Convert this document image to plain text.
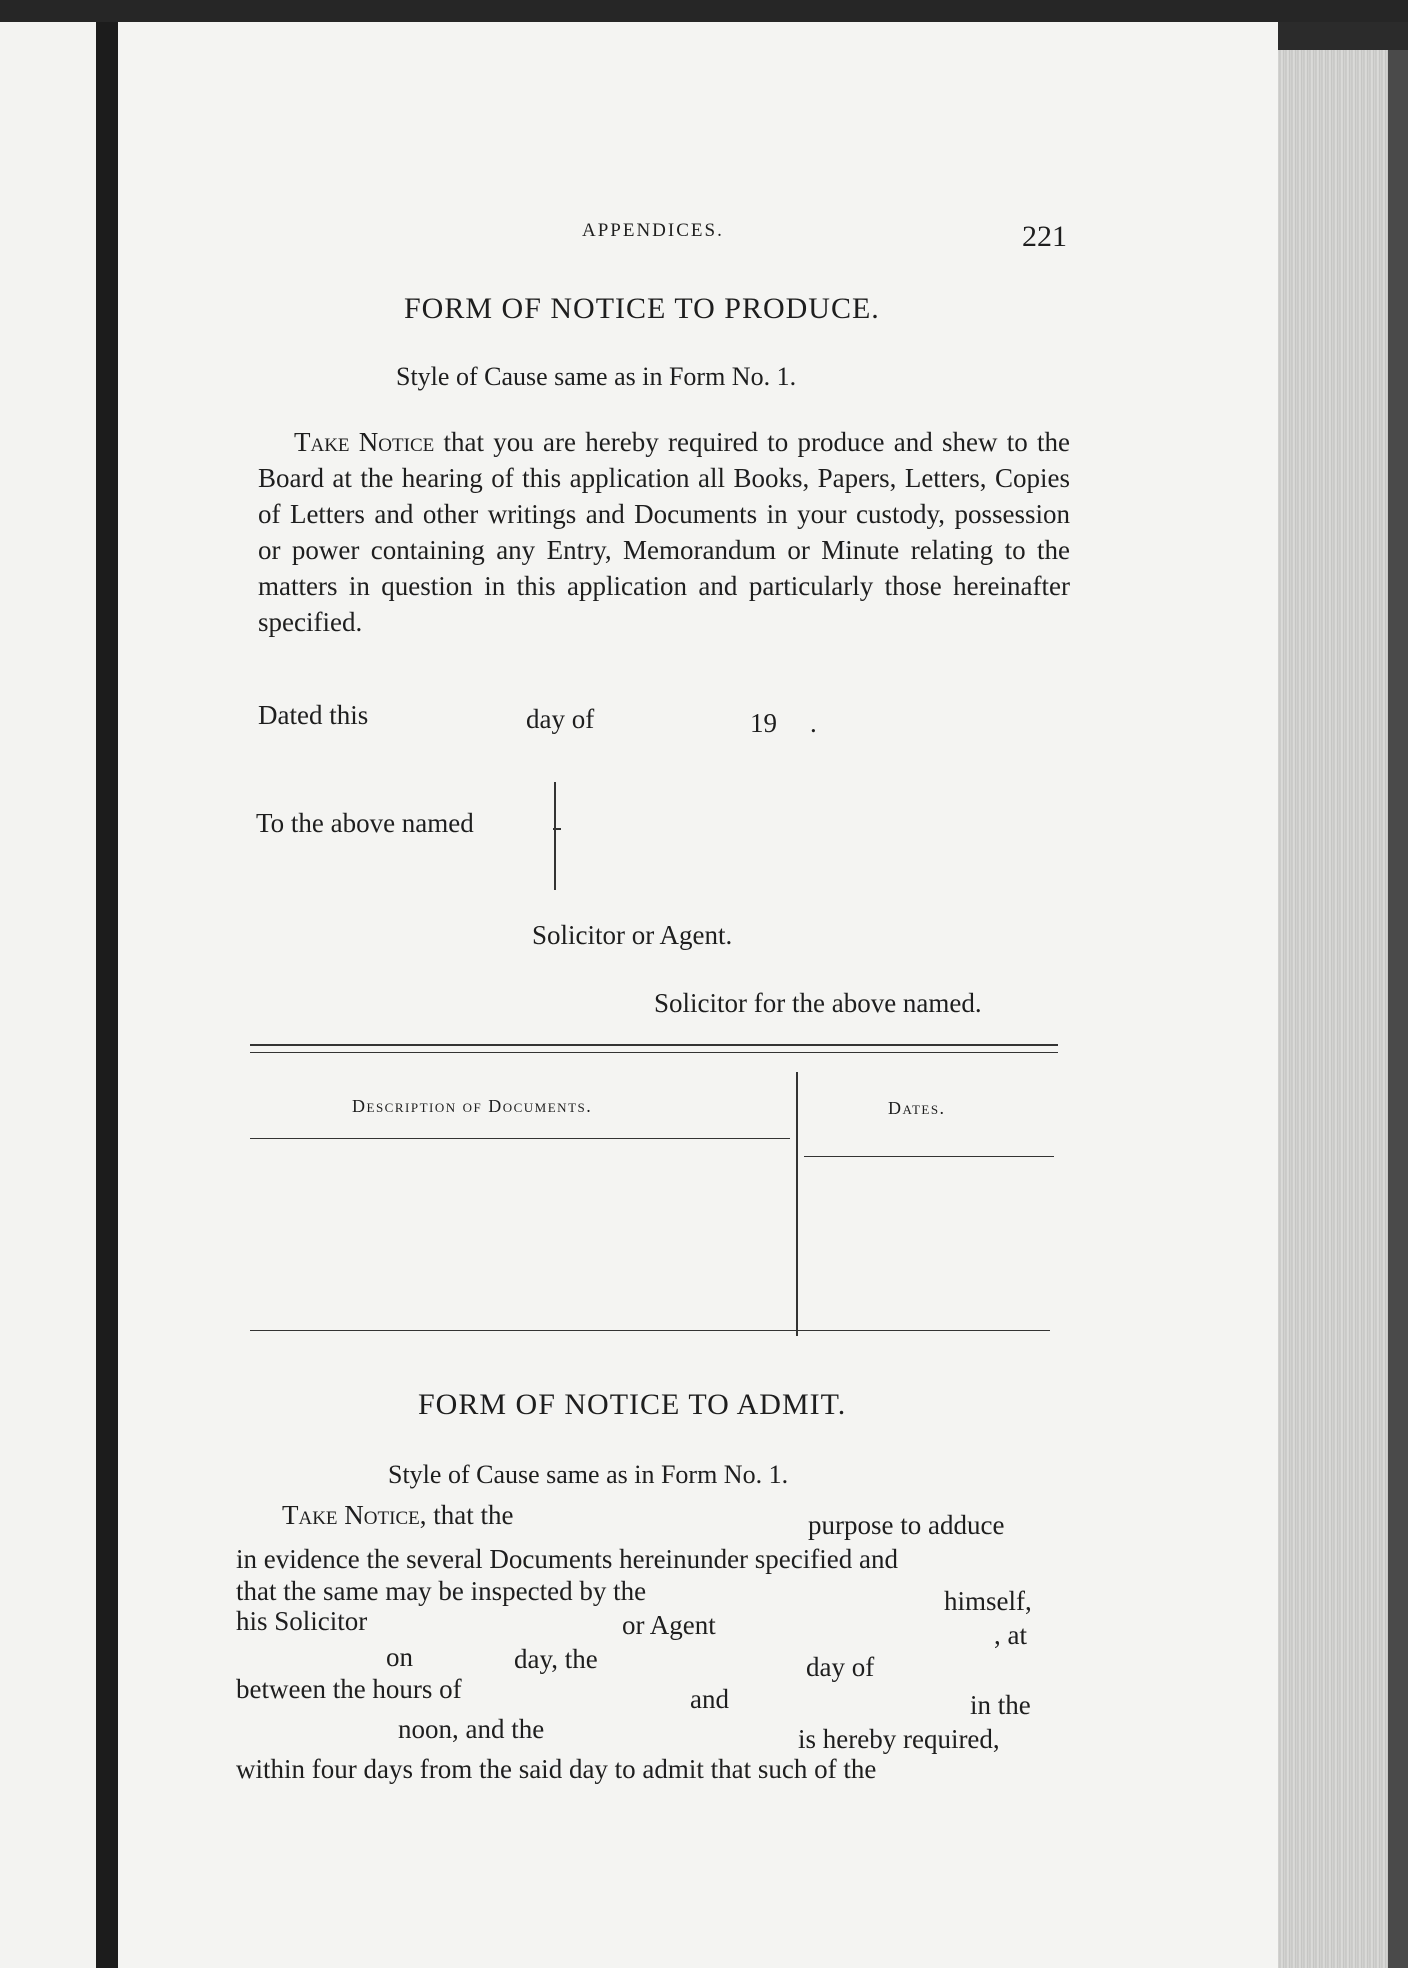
APPENDICES.	221
FORM OF NOTICE TO PRODUCE.
Style of Cause same as in Form No. 1.
Take Notice that you are hereby required to produce and shew to the Board at the hearing of this application all Books, Papers, Letters, Copies of Letters and other writings and Documents in your custody, possession or power containing any Entry, Memorandum or Minute relating to the matters in question in this application and particularly those hereinafter specified.
Dated this	day of	19 .
To the above named
Solicitor or Agent.
Solicitor for the above named.
Description of Documents.	Dates.
FORM OF NOTICE TO ADMIT.
Style of Cause same as in Form No. 1.
Take Notice, that the	purpose to adduce
in evidence the several Documents hereinunder specified and
that the same may be inspected by the	himself,
his Solicitor	or Agent	, at
on	day, the	day of
between the hours of	and	in the
noon, and the	is hereby required,
within four days from the said day to admit that such of the
